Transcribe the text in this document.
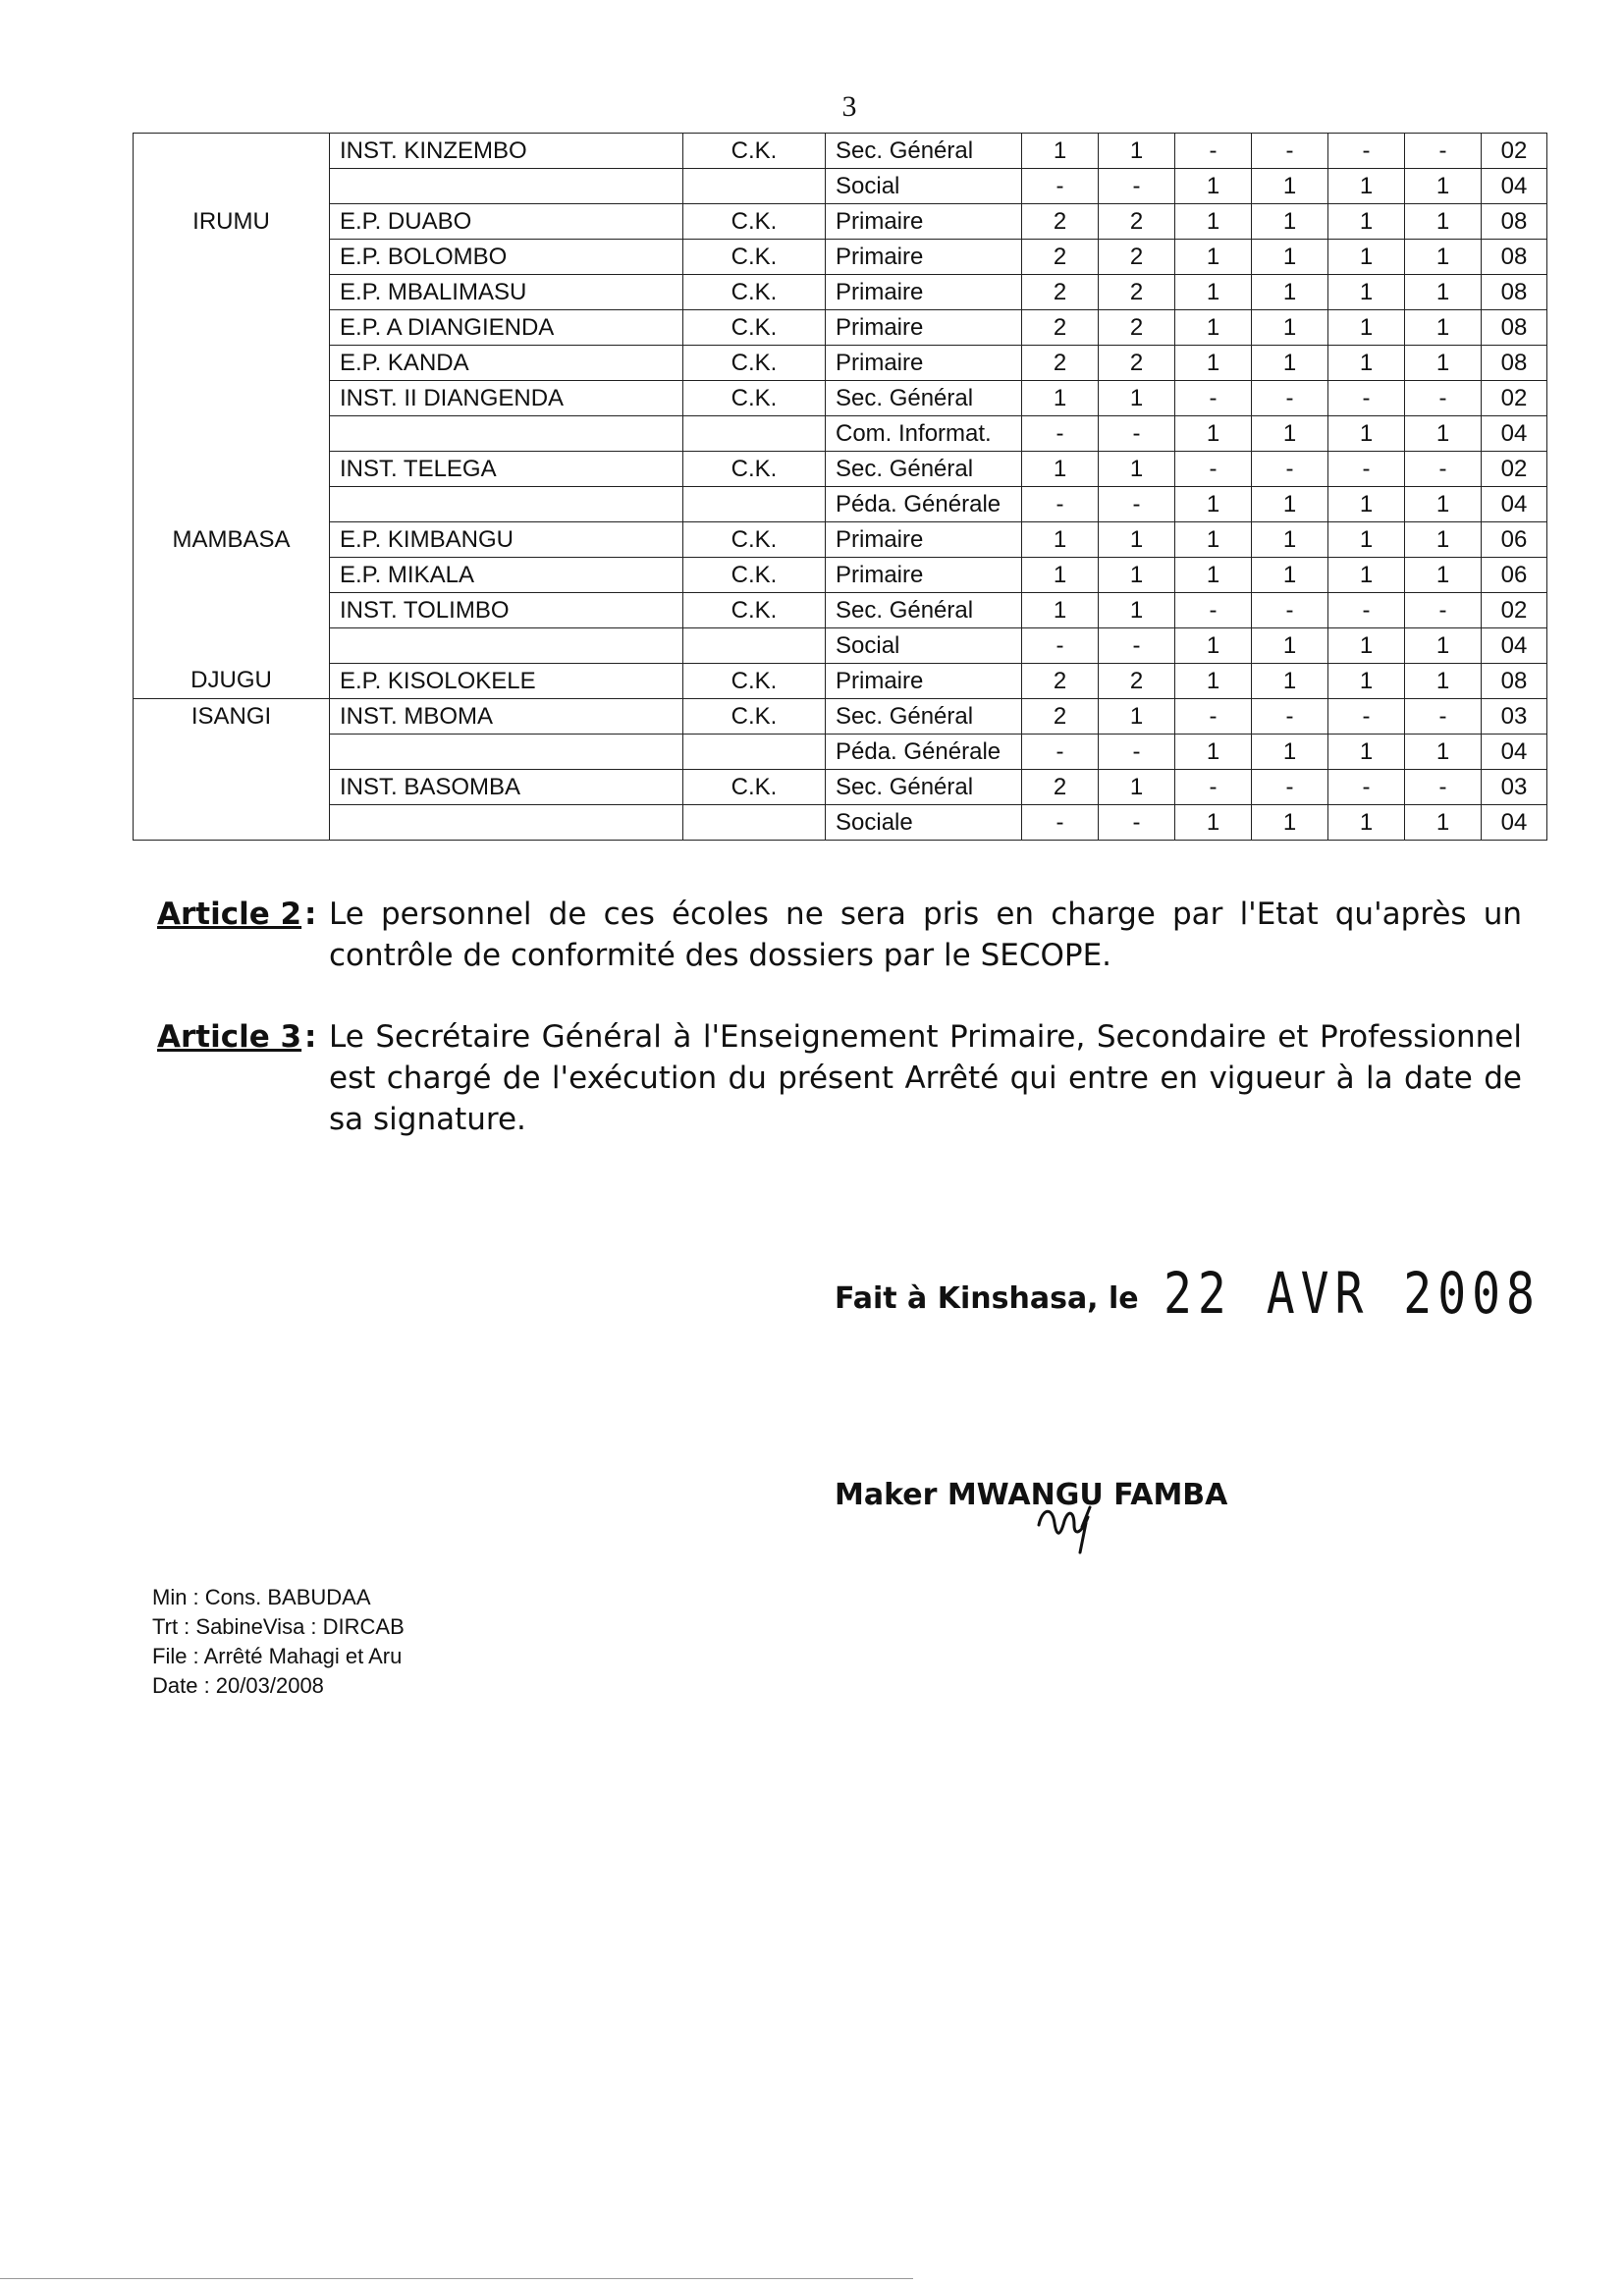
3
	INST. KINZEMBO	C.K.	Sec. Général	1	1	-	-	-	-	02
			Social	-	-	1	1	1	1	04
IRUMU	E.P. DUABO	C.K.	Primaire	2	2	1	1	1	1	08
	E.P. BOLOMBO	C.K.	Primaire	2	2	1	1	1	1	08
	E.P. MBALIMASU	C.K.	Primaire	2	2	1	1	1	1	08
	E.P. A DIANGIENDA	C.K.	Primaire	2	2	1	1	1	1	08
	E.P. KANDA	C.K.	Primaire	2	2	1	1	1	1	08
	INST. II DIANGENDA	C.K.	Sec. Général	1	1	-	-	-	-	02
			Com. Informat.	-	-	1	1	1	1	04
	INST. TELEGA	C.K.	Sec. Général	1	1	-	-	-	-	02
			Péda. Générale	-	-	1	1	1	1	04
MAMBASA	E.P. KIMBANGU	C.K.	Primaire	1	1	1	1	1	1	06
	E.P. MIKALA	C.K.	Primaire	1	1	1	1	1	1	06
	INST. TOLIMBO	C.K.	Sec. Général	1	1	-	-	-	-	02
			Social	-	-	1	1	1	1	04
DJUGU	E.P. KISOLOKELE	C.K.	Primaire	2	2	1	1	1	1	08
ISANGI	INST. MBOMA	C.K.	Sec. Général	2	1	-	-	-	-	03
			Péda. Générale	-	-	1	1	1	1	04
	INST. BASOMBA	C.K.	Sec. Général	2	1	-	-	-	-	03
			Sociale	-	-	1	1	1	1	04
Article 2 : Le personnel de ces écoles ne sera pris en charge par l'Etat qu'après un contrôle de conformité des dossiers par le SECOPE.
Article 3 : Le Secrétaire Général à l'Enseignement Primaire, Secondaire et Professionnel est chargé de l'exécution du présent Arrêté qui entre en vigueur à la date de sa signature.
Fait à Kinshasa, le 22 AVR 2008
Maker MWANGU FAMBA
Min : Cons. BABUDAA
Trt : SabineVisa : DIRCAB
File : Arrêté Mahagi et Aru
Date : 20/03/2008
